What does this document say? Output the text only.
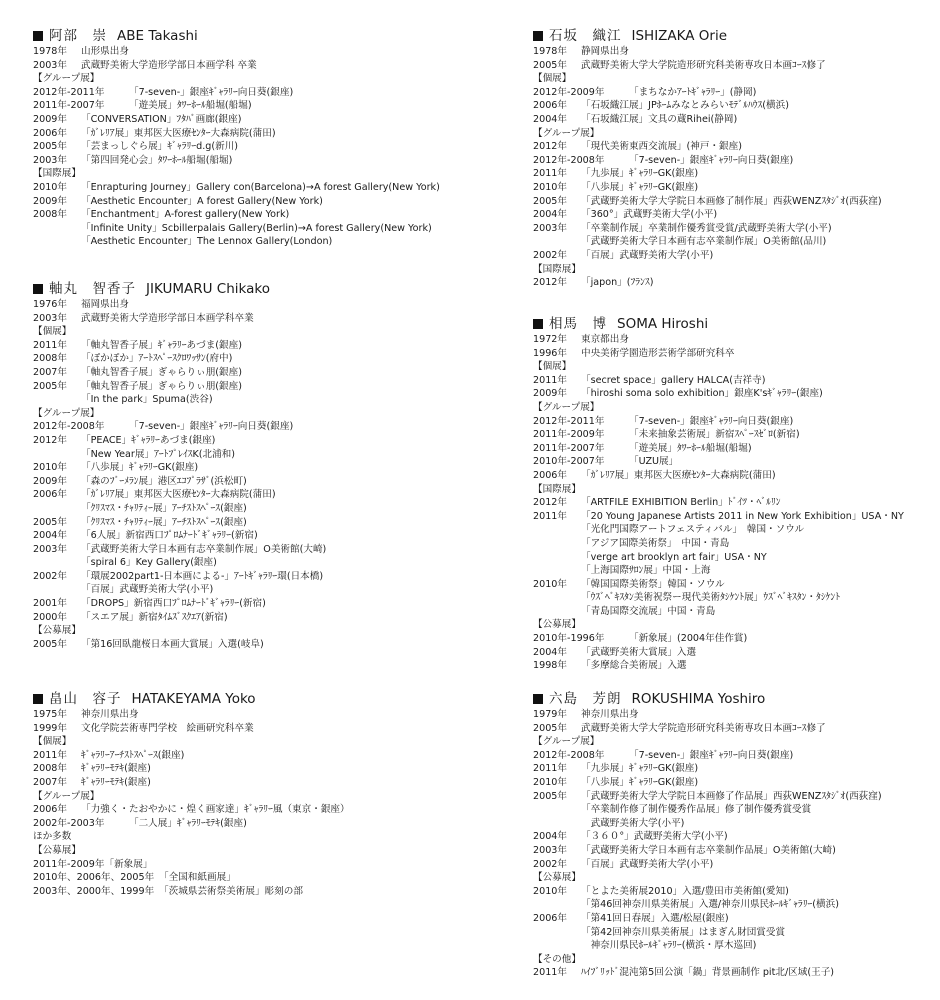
阿部　崇 ABE Takashi
1978年	山形県出身
2003年	武蔵野美術大学造形学部日本画学科 卒業
【グループ展】
2012年-2011年	「7-seven-」銀座ｷﾞｬﾗﾘｰ向日葵(銀座)
2011年-2007年	「遊美展」ﾀﾜｰﾎｰﾙ船堀(船堀)
2009年	「CONVERSATION」ﾌﾀﾊﾞ画廊(銀座)
2006年	「ｶﾞﾚﾘｱ展」東邦医大医療ｾﾝﾀｰ大森病院(蒲田)
2005年	「芸まっしぐら展」ｷﾞｬﾗﾘｰd.g(新川)
2003年	「第四回発心会」ﾀﾜｰﾎｰﾙ船堀(船堀)
【国際展】
2010年	「Enrapturing Journey」Gallery con(Barcelona)→A forest Gallery(New York)
2009年	「Aesthetic Encounter」A forest Gallery(New York)
2008年	「Enchantment」A-forest gallery(New York)
「Infinite Unity」Scbillerpalais Gallery(Berlin)→A forest Gallery(New York)
「Aesthetic Encounter」The Lennox Gallery(London)
軸丸　智香子 JIKUMARU Chikako
1976年	福岡県出身
2003年	武蔵野美術大学造形学部日本画学科卒業
【個展】
2011年	「軸丸智香子展」ｷﾞｬﾗﾘｰあづま(銀座)
2008年	「ぽかぽか」ｱｰﾄｽﾍﾟｰｽｸﾛﾜｯｻﾝ(府中)
2007年	「軸丸智香子展」ぎゃらりぃ朋(銀座)
2005年	「軸丸智香子展」ぎゃらりぃ朋(銀座)
「In the park」Spuma(渋谷)
【グループ展】
2012年-2008年	「7-seven-」銀座ｷﾞｬﾗﾘｰ向日葵(銀座)
2012年	「PEACE」ｷﾞｬﾗﾘｰあづま(銀座)
「New Year展」ｱｰﾄﾌﾟﾚｲｽK(北浦和)
2010年	「八歩展」ｷﾞｬﾗﾘｰGK(銀座)
2009年	「森のﾌﾞｰﾒﾗﾝ展」港区ｴｺﾌﾟﾗｻﾞ(浜松町)
2006年	「ｶﾞﾚﾘｱ展」東邦医大医療ｾﾝﾀｰ大森病院(蒲田)
「ｸﾘｽﾏｽ・ﾁｬﾘﾃｨｰ展」ｱｰﾁｽﾄｽﾍﾟｰｽ(銀座)
2005年	「ｸﾘｽﾏｽ・ﾁｬﾘﾃｨｰ展」ｱｰﾁｽﾄｽﾍﾟｰｽ(銀座)
2004年	「6人展」新宿西口ﾌﾟﾛﾑﾅｰﾄﾞｷﾞｬﾗﾘｰ(新宿)
2003年	「武蔵野美術大学日本画有志卒業制作展」O美術館(大崎)
「spiral 6」Key Gallery(銀座)
2002年	「環展2002part1-日本画による-」ｱｰﾄｷﾞｬﾗﾘｰ環(日本橋)
「百展」武蔵野美術大学(小平)
2001年	「DROPS」新宿西口ﾌﾟﾛﾑﾅｰﾄﾞｷﾞｬﾗﾘｰ(新宿)
2000年	「スエア展」新宿ﾀｲﾑｽﾞｽｸｴｱ(新宿)
【公募展】
2005年	「第16回臥龍桜日本画大賞展」入選(岐阜)
畠山　容子 HATAKEYAMA Yoko
1975年	神奈川県出身
1999年	文化学院芸術専門学校　絵画研究科卒業
【個展】
2011年	ｷﾞｬﾗﾘｰｱｰﾁｽﾄｽﾍﾟｰｽ(銀座)
2008年	ｷﾞｬﾗﾘｰﾓﾃｷ(銀座)
2007年	ｷﾞｬﾗﾘｰﾓﾃｷ(銀座)
【グループ展】
2006年	「力強く・たおやかに・煌く画家達」ｷﾞｬﾗﾘｰ風（東京・銀座）
2002年-2003年	「二人展」ｷﾞｬﾗﾘｰﾓﾃｷ(銀座)
ほか多数
【公募展】
2011年-2009年「新象展」
2010年、2006年、2005年　「全国和紙画展」
2003年、2000年、1999年　「茨城県芸術祭美術展」彫刻の部
石坂　織江 ISHIZAKA Orie
1978年	静岡県出身
2005年	武蔵野美術大学大学院造形研究科美術専攻日本画ｺｰｽ修了
【個展】
2012年-2009年	「まちなかｱｰﾄｷﾞｬﾗﾘｰ」(静岡)
2006年	「石坂織江展」JPﾎｰﾑみなとみらいﾓﾃﾞﾙﾊｳｽ(横浜)
2004年	「石坂織江展」文具の蔵Rihei(静岡)
【グループ展】
2012年	「現代美術東西交流展」(神戸・銀座)
2012年-2008年	「7-seven-」銀座ｷﾞｬﾗﾘｰ向日葵(銀座)
2011年	「九歩展」ｷﾞｬﾗﾘｰGK(銀座)
2010年	「八歩展」ｷﾞｬﾗﾘｰGK(銀座)
2005年	「武蔵野美術大学大学院日本画修了制作展」西荻WENZｽﾀｼﾞｵ(西荻窪)
2004年	「360°」武蔵野美術大学(小平)
2003年	「卒業制作展」卒業制作優秀賞受賞/武蔵野美術大学(小平)
「武蔵野美術大学日本画有志卒業制作展」O美術館(品川)
2002年	「百展」武蔵野美術大学(小平)
【国際展】
2012年	「japon」(ﾌﾗﾝｽ)
相馬　博 SOMA Hiroshi
1972年	東京都出身
1996年	中央美術学園造形芸術学部研究科卒
【個展】
2011年	「secret space」gallery HALCA(吉祥寺)
2009年	「hiroshi soma solo exhibition」銀座K'sｷﾞｬﾗﾘｰ(銀座)
【グループ展】
2012年-2011年	「7-seven-」銀座ｷﾞｬﾗﾘｰ向日葵(銀座)
2011年-2009年	「未来抽象芸術展」新宿ｽﾍﾟｰｽｾﾞﾛ(新宿)
2011年-2007年	「遊美展」ﾀﾜｰﾎｰﾙ船堀(船堀)
2010年-2007年	「UZU展」
2006年	「ｶﾞﾚﾘｱ展」東邦医大医療ｾﾝﾀｰ大森病院(蒲田)
【国際展】
2012年	「ARTFILE EXHIBITION Berlin」ﾄﾞｲﾂ・ﾍﾞﾙﾘﾝ
2011年	「20 Young Japanese Artists 2011 in New York Exhibition」USA・NY
「光化門国際アートフェスティバル」　韓国・ソウル
「アジア国際美術祭」　中国・青島
「verge art brooklyn art fair」USA・NY
「上海国際ｻﾛﾝ展」中国・上海
2010年	「韓国国際美術祭」韓国・ソウル
「ｳｽﾞﾍﾞｷｽﾀﾝ美術祝祭ー現代美術ﾀｼｹﾝﾄ展」ｳｽﾞﾍﾞｷｽﾀﾝ・ﾀｼｹﾝﾄ
「青島国際交流展」中国・青島
【公募展】
2010年-1996年	「新象展」(2004年佳作賞)
2004年	「武蔵野美術大賞展」入選
1998年	「多摩総合美術展」入選
六島　芳朗 ROKUSHIMA Yoshiro
1979年	神奈川県出身
2005年	武蔵野美術大学大学院造形研究科美術専攻日本画ｺｰｽ修了
【グループ展】
2012年-2008年	「7-seven-」銀座ｷﾞｬﾗﾘｰ向日葵(銀座)
2011年	「九歩展」ｷﾞｬﾗﾘｰGK(銀座)
2010年	「八歩展」ｷﾞｬﾗﾘｰGK(銀座)
2005年	「武蔵野美術大学大学院日本画修了作品展」西荻WENZｽﾀｼﾞｵ(西荻窪)
「卒業制作修了制作優秀作品展」修了制作優秀賞受賞
　武蔵野美術大学(小平)
2004年	「３６０°」武蔵野美術大学(小平)
2003年	「武蔵野美術大学日本画有志卒業制作品展」O美術館(大崎)
2002年	「百展」武蔵野美術大学(小平)
【公募展】
2010年	「とよた美術展2010」入選/豊田市美術館(愛知)
「第46回神奈川県美術展」入選/神奈川県民ﾎｰﾙｷﾞｬﾗﾘｰ(横浜)
2006年	「第41回日春展」入選/松屋(銀座)
「第42回神奈川県美術展」はまぎん財団賞受賞
　神奈川県民ﾎｰﾙｷﾞｬﾗﾘｰ(横浜・厚木巡回)
【その他】
2011年	ﾊｲﾌﾞﾘｯﾄﾞ混沌第5回公演「鍋」背景画制作 pit北/区域(王子)
